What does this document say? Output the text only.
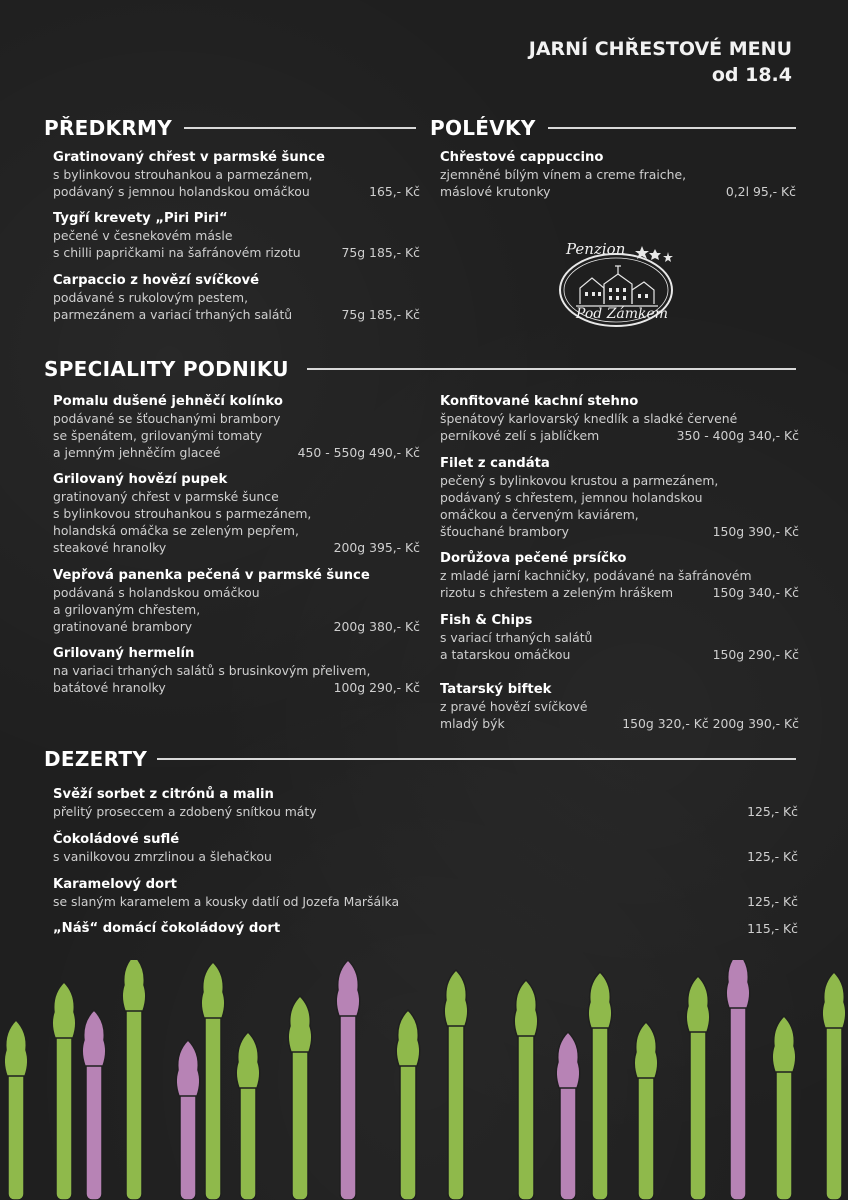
JARNÍ CHŘESTOVÉ MENU
od 18.4
PŘEDKRMY	POLÉVKY
Gratinovaný chřest v parmské šunce
s bylinkovou strouhankou a parmezánem,
podávaný s jemnou holandskou omáčkou	165,- Kč
Tygří krevety „Piri Piri“
pečené v česnekovém másle
s chilli papričkami na šafránovém rizotu	75g 185,- Kč
Carpaccio z hovězí svíčkové
podávané s rukolovým pestem,
parmezánem a variací trhaných salátů	75g 185,- Kč
Chřestové cappuccino
zjemněné bílým vínem a creme fraiche,
máslové krutonky	0,2l 95,- Kč
Penzion
Pod Zámkem
SPECIALITY PODNIKU
Pomalu dušené jehněčí kolínko
podávané se šťouchanými brambory
se špenátem, grilovanými tomaty
a jemným jehněčím glaceé	450 - 550g 490,- Kč
Grilovaný hovězí pupek
gratinovaný chřest v parmské šunce
s bylinkovou strouhankou s parmezánem,
holandská omáčka se zeleným pepřem,
steakové hranolky	200g 395,- Kč
Vepřová panenka pečená v parmské šunce
podávaná s holandskou omáčkou
a grilovaným chřestem,
gratinované brambory	200g 380,- Kč
Grilovaný hermelín
na variaci trhaných salátů s brusinkovým přelivem,
batátové hranolky	100g 290,- Kč
Konfitované kachní stehno
špenátový karlovarský knedlík a sladké červené
perníkové zelí s jablíčkem	350 - 400g 340,- Kč
Filet z candáta
pečený s bylinkovou krustou a parmezánem,
podávaný s chřestem, jemnou holandskou
omáčkou a červeným kaviárem,
šťouchané brambory	150g 390,- Kč
Dorůžova pečené prsíčko
z mladé jarní kachničky, podávané na šafránovém
rizotu s chřestem a zeleným hráškem	150g 340,- Kč
Fish & Chips
s variací trhaných salátů
a tatarskou omáčkou	150g 290,- Kč
Tatarský biftek
z pravé hovězí svíčkové
mladý býk	150g 320,- Kč 200g 390,- Kč
DEZERTY
Svěží sorbet z citrónů a malin
přelitý proseccem a zdobený snítkou máty	125,- Kč
Čokoládové suflé
s vanilkovou zmrzlinou a šlehačkou	125,- Kč
Karamelový dort
se slaným karamelem a kousky datlí od Jozefa Maršálka	125,- Kč
„Náš“ domácí čokoládový dort	115,- Kč
